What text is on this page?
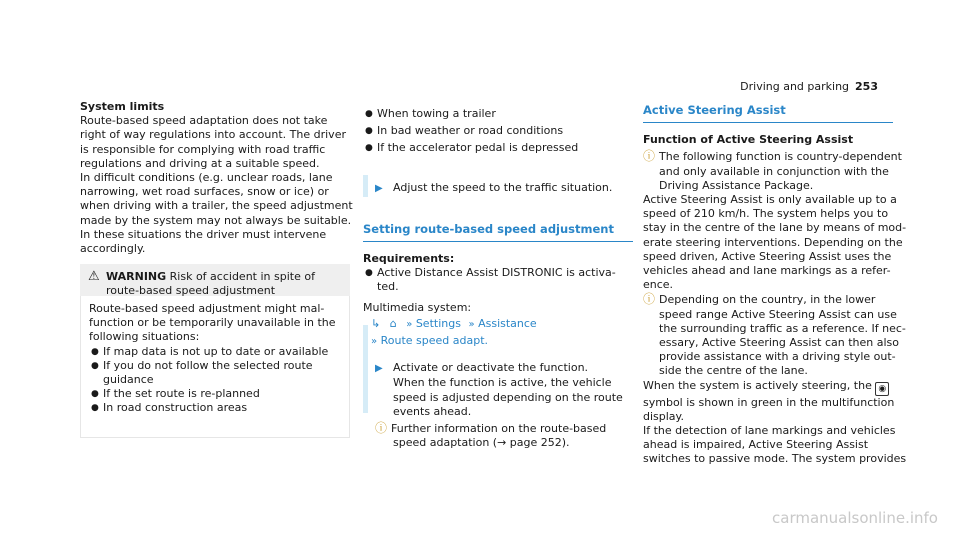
Driving and parking 253
System limits
Route-based speed adaptation does not take
right of way regulations into account. The driver
is responsible for complying with road traffic
regulations and driving at a suitable speed.
In difficult conditions (e.g. unclear roads, lane
narrowing, wet road surfaces, snow or ice) or
when driving with a trailer, the speed adjustment
made by the system may not always be suitable.
In these situations the driver must intervene
accordingly.
⚠ WARNING Risk of accident in spite of
route-based speed adjustment
Route-based speed adjustment might mal-
function or be temporarily unavailable in the
following situations:
● If map data is not up to date or available
● If you do not follow the selected route
guidance
● If the set route is re-planned
● In road construction areas
● When towing a trailer
● In bad weather or road conditions
● If the accelerator pedal is depressed
▶ Adjust the speed to the traffic situation.
Setting route-based speed adjustment
Requirements:
● Active Distance Assist DISTRONIC is activa-
ted.
Multimedia system:
↳ ⌂ » Settings » Assistance
» Route speed adapt.
▶ Activate or deactivate the function.
When the function is active, the vehicle
speed is adjusted depending on the route
events ahead.
ⓘ Further information on the route-based
speed adaptation (→ page 252).
Active Steering Assist
Function of Active Steering Assist
ⓘ The following function is country-dependent
and only available in conjunction with the
Driving Assistance Package.
Active Steering Assist is only available up to a
speed of 210 km/h. The system helps you to
stay in the centre of the lane by means of mod-
erate steering interventions. Depending on the
speed driven, Active Steering Assist uses the
vehicles ahead and lane markings as a refer-
ence.
ⓘ Depending on the country, in the lower
speed range Active Steering Assist can use
the surrounding traffic as a reference. If nec-
essary, Active Steering Assist can then also
provide assistance with a driving style out-
side the centre of the lane.
When the system is actively steering, the ◉
symbol is shown in green in the multifunction
display.
If the detection of lane markings and vehicles
ahead is impaired, Active Steering Assist
switches to passive mode. The system provides
carmanualsonline.info
